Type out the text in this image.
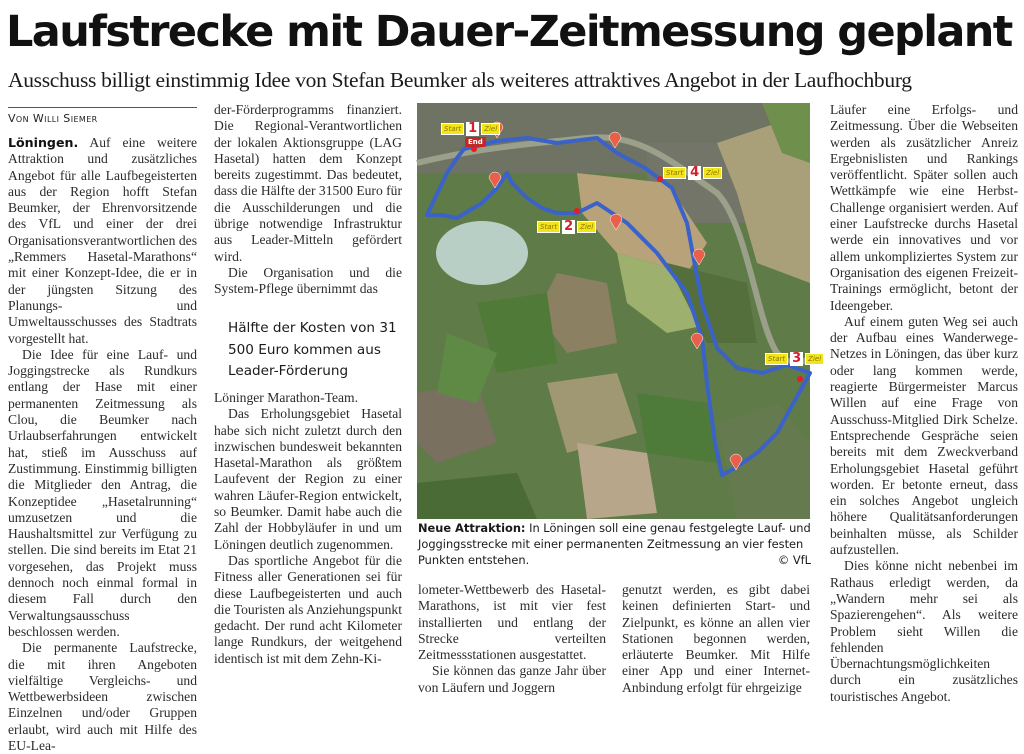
Laufstrecke mit Dauer-Zeitmessung geplant
Ausschuss billigt einstimmig Idee von Stefan Beumker als weiteres attraktives Angebot in der Laufhochburg
Von Willi Siemer

Löningen. Auf eine weitere Attraktion und zusätzliches Angebot für alle Laufbegeisterten aus der Region hofft Stefan Beumker, der Ehrenvorsitzende des VfL und einer der drei Organisationsverantwortlichen des „Remmers Hasetal-Marathons“ mit einer Konzept-Idee, die er in der jüngsten Sitzung des Planungs- und Umweltausschusses des Stadtrats vorgestellt hat.

Die Idee für eine Lauf- und Joggingstrecke als Rundkurs entlang der Hase mit einer permanenten Zeitmessung als Clou, die Beumker nach Urlaubserfahrungen entwickelt hat, stieß im Ausschuss auf Zustimmung. Einstimmig billigten die Mitglieder den Antrag, die Konzeptidee „Hasetalrunning“ umzusetzen und die Haushaltsmittel zur Verfügung zu stellen. Die sind bereits im Etat 21 vorgesehen, das Projekt muss dennoch noch einmal formal in diesem Fall durch den Verwaltungsausschuss beschlossen werden.

Die permanente Laufstrecke, die mit ihren Angeboten vielfältige Vergleichs- und Wettbewerbsideen zwischen Einzelnen und/oder Gruppen erlaubt, wird auch mit Hilfe des EU-Lea-

der-Förderprogramms finanziert. Die Regional-Verantwortlichen der lokalen Aktionsgruppe (LAG Hasetal) hatten dem Konzept bereits zugestimmt. Das bedeutet, dass die Hälfte der 31500 Euro für die Ausschilderungen und die übrige notwendige Infrastruktur aus Leader-Mitteln gefördert wird.

Die Organisation und die System-Pflege übernimmt das

Hälfte der Kosten von 31 500 Euro kommen aus Leader-Förderung

Löninger Marathon-Team.

Das Erholungsgebiet Hasetal habe sich nicht zuletzt durch den inzwischen bundesweit bekannten Hasetal-Marathon als größtem Laufevent der Region zu einer wahren Läufer-Region entwickelt, so Beumker. Damit habe auch die Zahl der Hobbyläufer in und um Löningen deutlich zugenommen.

Das sportliche Angebot für die Fitness aller Generationen sei für diese Laufbegeisterten und auch die Touristen als Anziehungspunkt gedacht. Der rund acht Kilometer lange Rundkurs, der weitgehend identisch ist mit dem Zehn-Ki-

End
Start 1	Ziel
Start 2	Ziel
Start 3	Ziel
Start 4	Ziel
Neue Attraktion: In Löningen soll eine genau festgelegte Lauf- und Joggingsstrecke mit einer permanenten Zeitmessung an vier festen Punkten entstehen.	© VfL

lometer-Wettbewerb des Hasetal-Marathons, ist mit vier fest installierten und entlang der Strecke verteilten Zeitmessstationen ausgestattet.

Sie können das ganze Jahr über von Läufern und Joggern

genutzt werden, es gibt dabei keinen definierten Start- und Zielpunkt, es könne an allen vier Stationen begonnen werden, erläuterte Beumker. Mit Hilfe einer App und einer Internet-Anbindung erfolgt für ehrgeizige

Läufer eine Erfolgs- und Zeitmessung. Über die Webseiten werden als zusätzlicher Anreiz Ergebnislisten und Rankings veröffentlicht. Später sollen auch Wettkämpfe wie eine Herbst-Challenge organisiert werden. Auf einer Laufstrecke durchs Hasetal werde ein innovatives und vor allem unkompliziertes System zur Organisation des eigenen Freizeit-Trainings ermöglicht, betont der Ideengeber.

Auf einem guten Weg sei auch der Aufbau eines Wanderwege-Netzes in Löningen, das über kurz oder lang kommen werde, reagierte Bürgermeister Marcus Willen auf eine Frage von Ausschuss-Mitglied Dirk Schelze. Entsprechende Gespräche seien bereits mit dem Zweckverband Erholungsgebiet Hasetal geführt worden. Er betonte erneut, dass ein solches Angebot ungleich höhere Qualitätsanforderungen beinhalten müsse, als Schilder aufzustellen.

Dies könne nicht nebenbei im Rathaus erledigt werden, da „Wandern mehr sei als Spazierengehen“. Als weitere Problem sieht Willen die fehlenden Übernachtungsmöglichkeiten durch ein zusätzliches touristisches Angebot.
